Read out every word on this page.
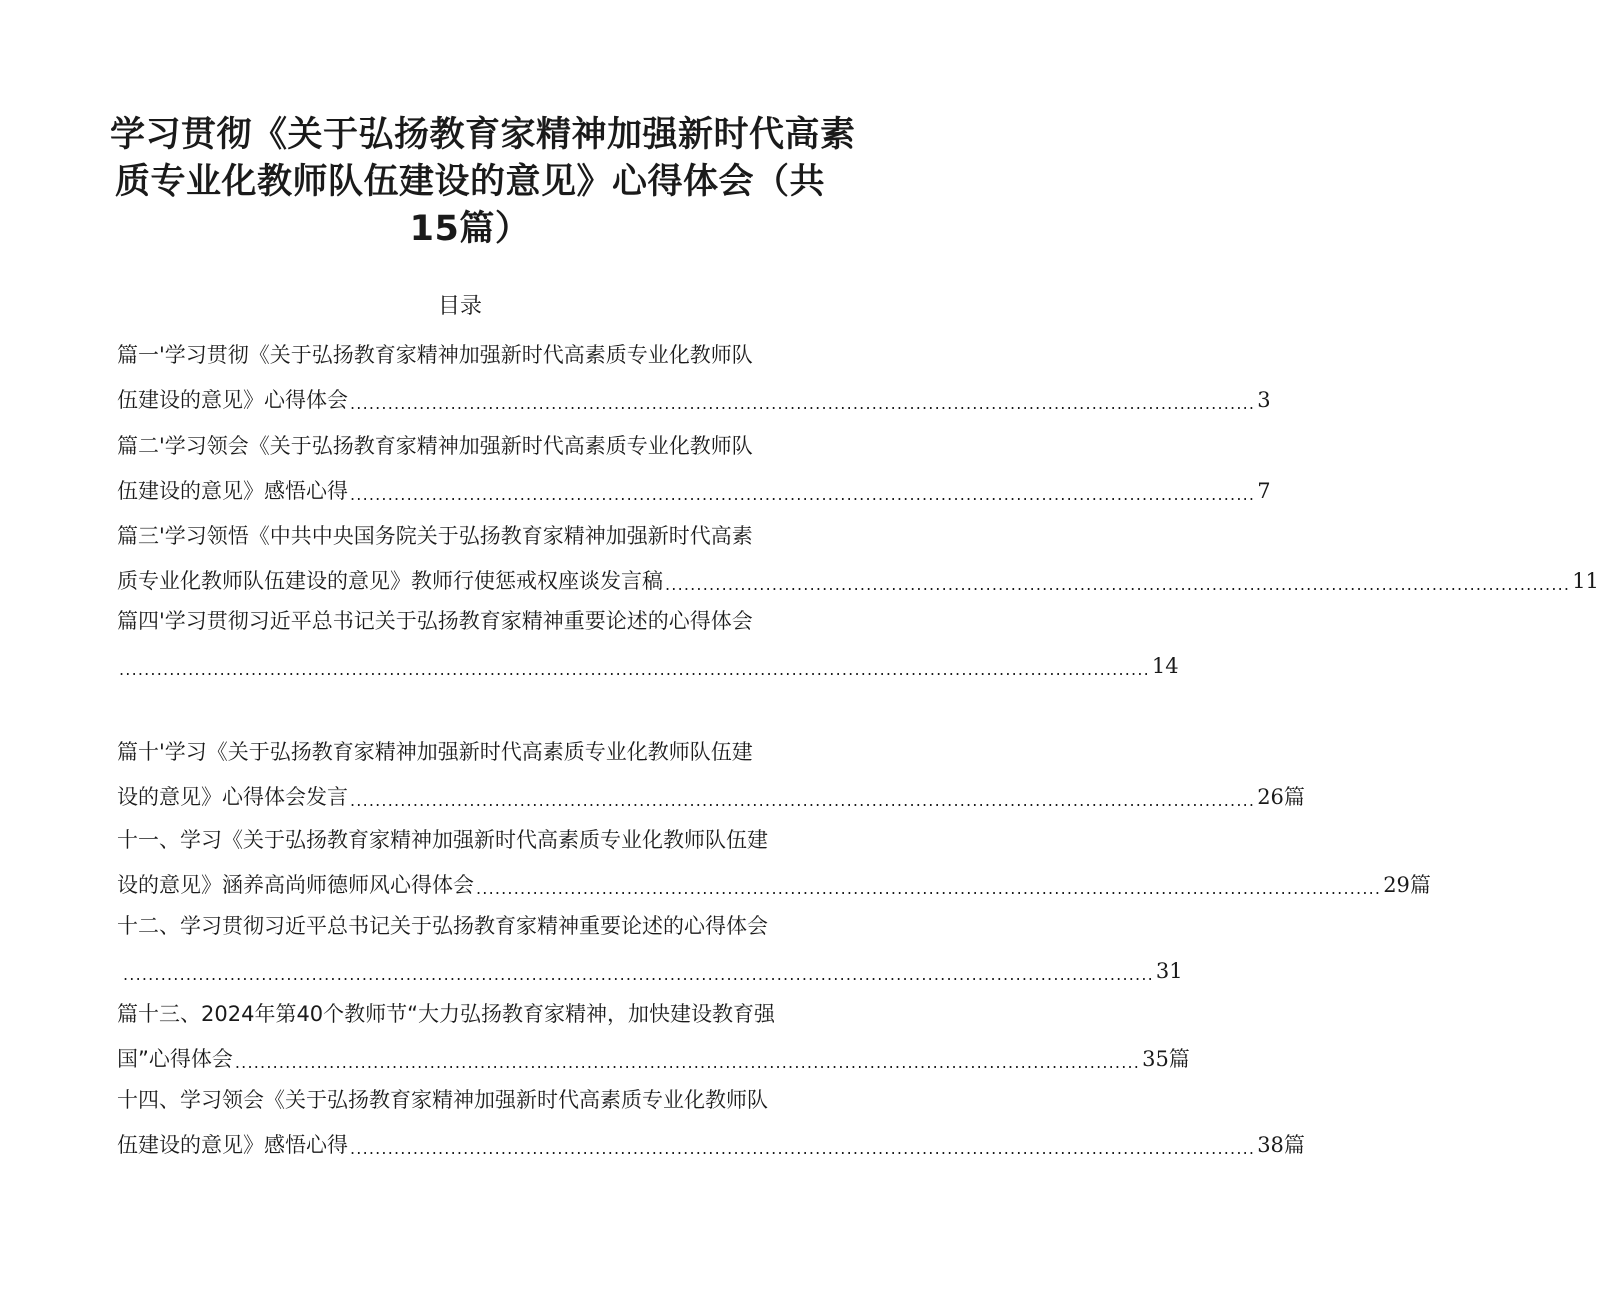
学习贯彻《关于弘扬教育家精神加强新时代高素
质专业化教师队伍建设的意见》心得体会（共
15篇）
目录
篇一'学习贯彻《关于弘扬教育家精神加强新时代高素质专业化教师队
伍建设的意见》心得体会 ................................................................................................................................................ 3
篇二'学习领会《关于弘扬教育家精神加强新时代高素质专业化教师队
伍建设的意见》感悟心得 ................................................................................................................................................ 7
篇三'学习领悟《中共中央国务院关于弘扬教育家精神加强新时代高素
质专业化教师队伍建设的意见》教师行使惩戒权座谈发言稿 ................................................................................................................................................ 11
篇四'学习贯彻习近平总书记关于弘扬教育家精神重要论述的心得体会
.................................................................................................................................................................... 14
篇十'学习《关于弘扬教育家精神加强新时代高素质专业化教师队伍建
设的意见》心得体会发言 ................................................................................................................................................ 26篇
十一、学习《关于弘扬教育家精神加强新时代高素质专业化教师队伍建
设的意见》涵养高尚师德师风心得体会 ................................................................................................................................................ 29篇
十二、学习贯彻习近平总书记关于弘扬教育家精神重要论述的心得体会
.................................................................................................................................................................... 31
篇十三、2024年第40个教师节“大力弘扬教育家精神，加快建设教育强
国”心得体会 ................................................................................................................................................ 35篇
十四、学习领会《关于弘扬教育家精神加强新时代高素质专业化教师队
伍建设的意见》感悟心得 ................................................................................................................................................ 38篇
